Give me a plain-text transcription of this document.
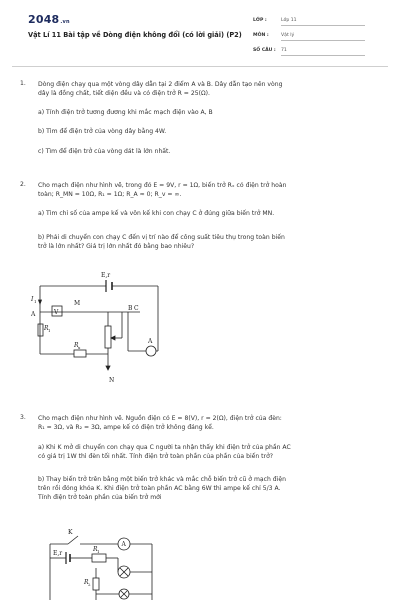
2048.vn
Vật Lí 11 Bài tập về Dòng điện không đổi (có lời giải) (P2)
LỚP :	Lớp 11
MÔN :	Vật lý
SỐ CÂU : 71
1. Dòng điện chạy qua một vòng dây dẫn tại 2 điểm A và B. Dây dẫn tạo nên vòng
dây là đồng chất, tiết diện đều và có điện trở R = 25(Ω).
a) Tính điện trở tương đương khi mắc mạch điện vào A, B
b) Tìm để điện trở của vòng dây bằng 4W.
c) Tìm để điện trở của vòng dát là lớn nhất.
2. Cho mạch điện như hình vẽ, trong đó E = 9V, r = 1Ω, biến trở Rₓ có điện trở hoàn
toàn; R_MN = 10Ω, R₁ = 1Ω; R_A ≈ 0; R_v = ∞.
a) Tìm chỉ số của ampe kế và vôn kế khi con chạy C ở đúng giữa biến trở MN.
b) Phải di chuyển con chạy C đến vị trí nào để công suất tiêu thụ trong toàn biến
trở là lớn nhất? Giá trị lớn nhất đó bằng bao nhiêu?
E,r
I 1
A	V
M
B C
R 1
R x
N
A
3. Cho mạch điện như hình vẽ. Nguồn điện có E = 8(V), r = 2(Ω), điện trở của đèn:
R₁ = 3Ω, và R₂ = 3Ω, ampe kế có điện trở không đáng kể.
a) Khi K mở di chuyển con chạy qua C người ta nhận thấy khi điện trở của phần AC
có giá trị 1W thì đèn tối nhất. Tính điện trở toàn phần của phần của biến trở?
b) Thay biến trở trên bằng một biến trở khác và mắc chỗ biến trở cũ ở mạch điện
trên rồi đóng khóa K. Khi điện trở toàn phần AC bằng 6W thì ampe kế chỉ 5/3 A.
Tính điện trở toàn phần của biến trở mới
K
E,r
R 1
R 2
A
